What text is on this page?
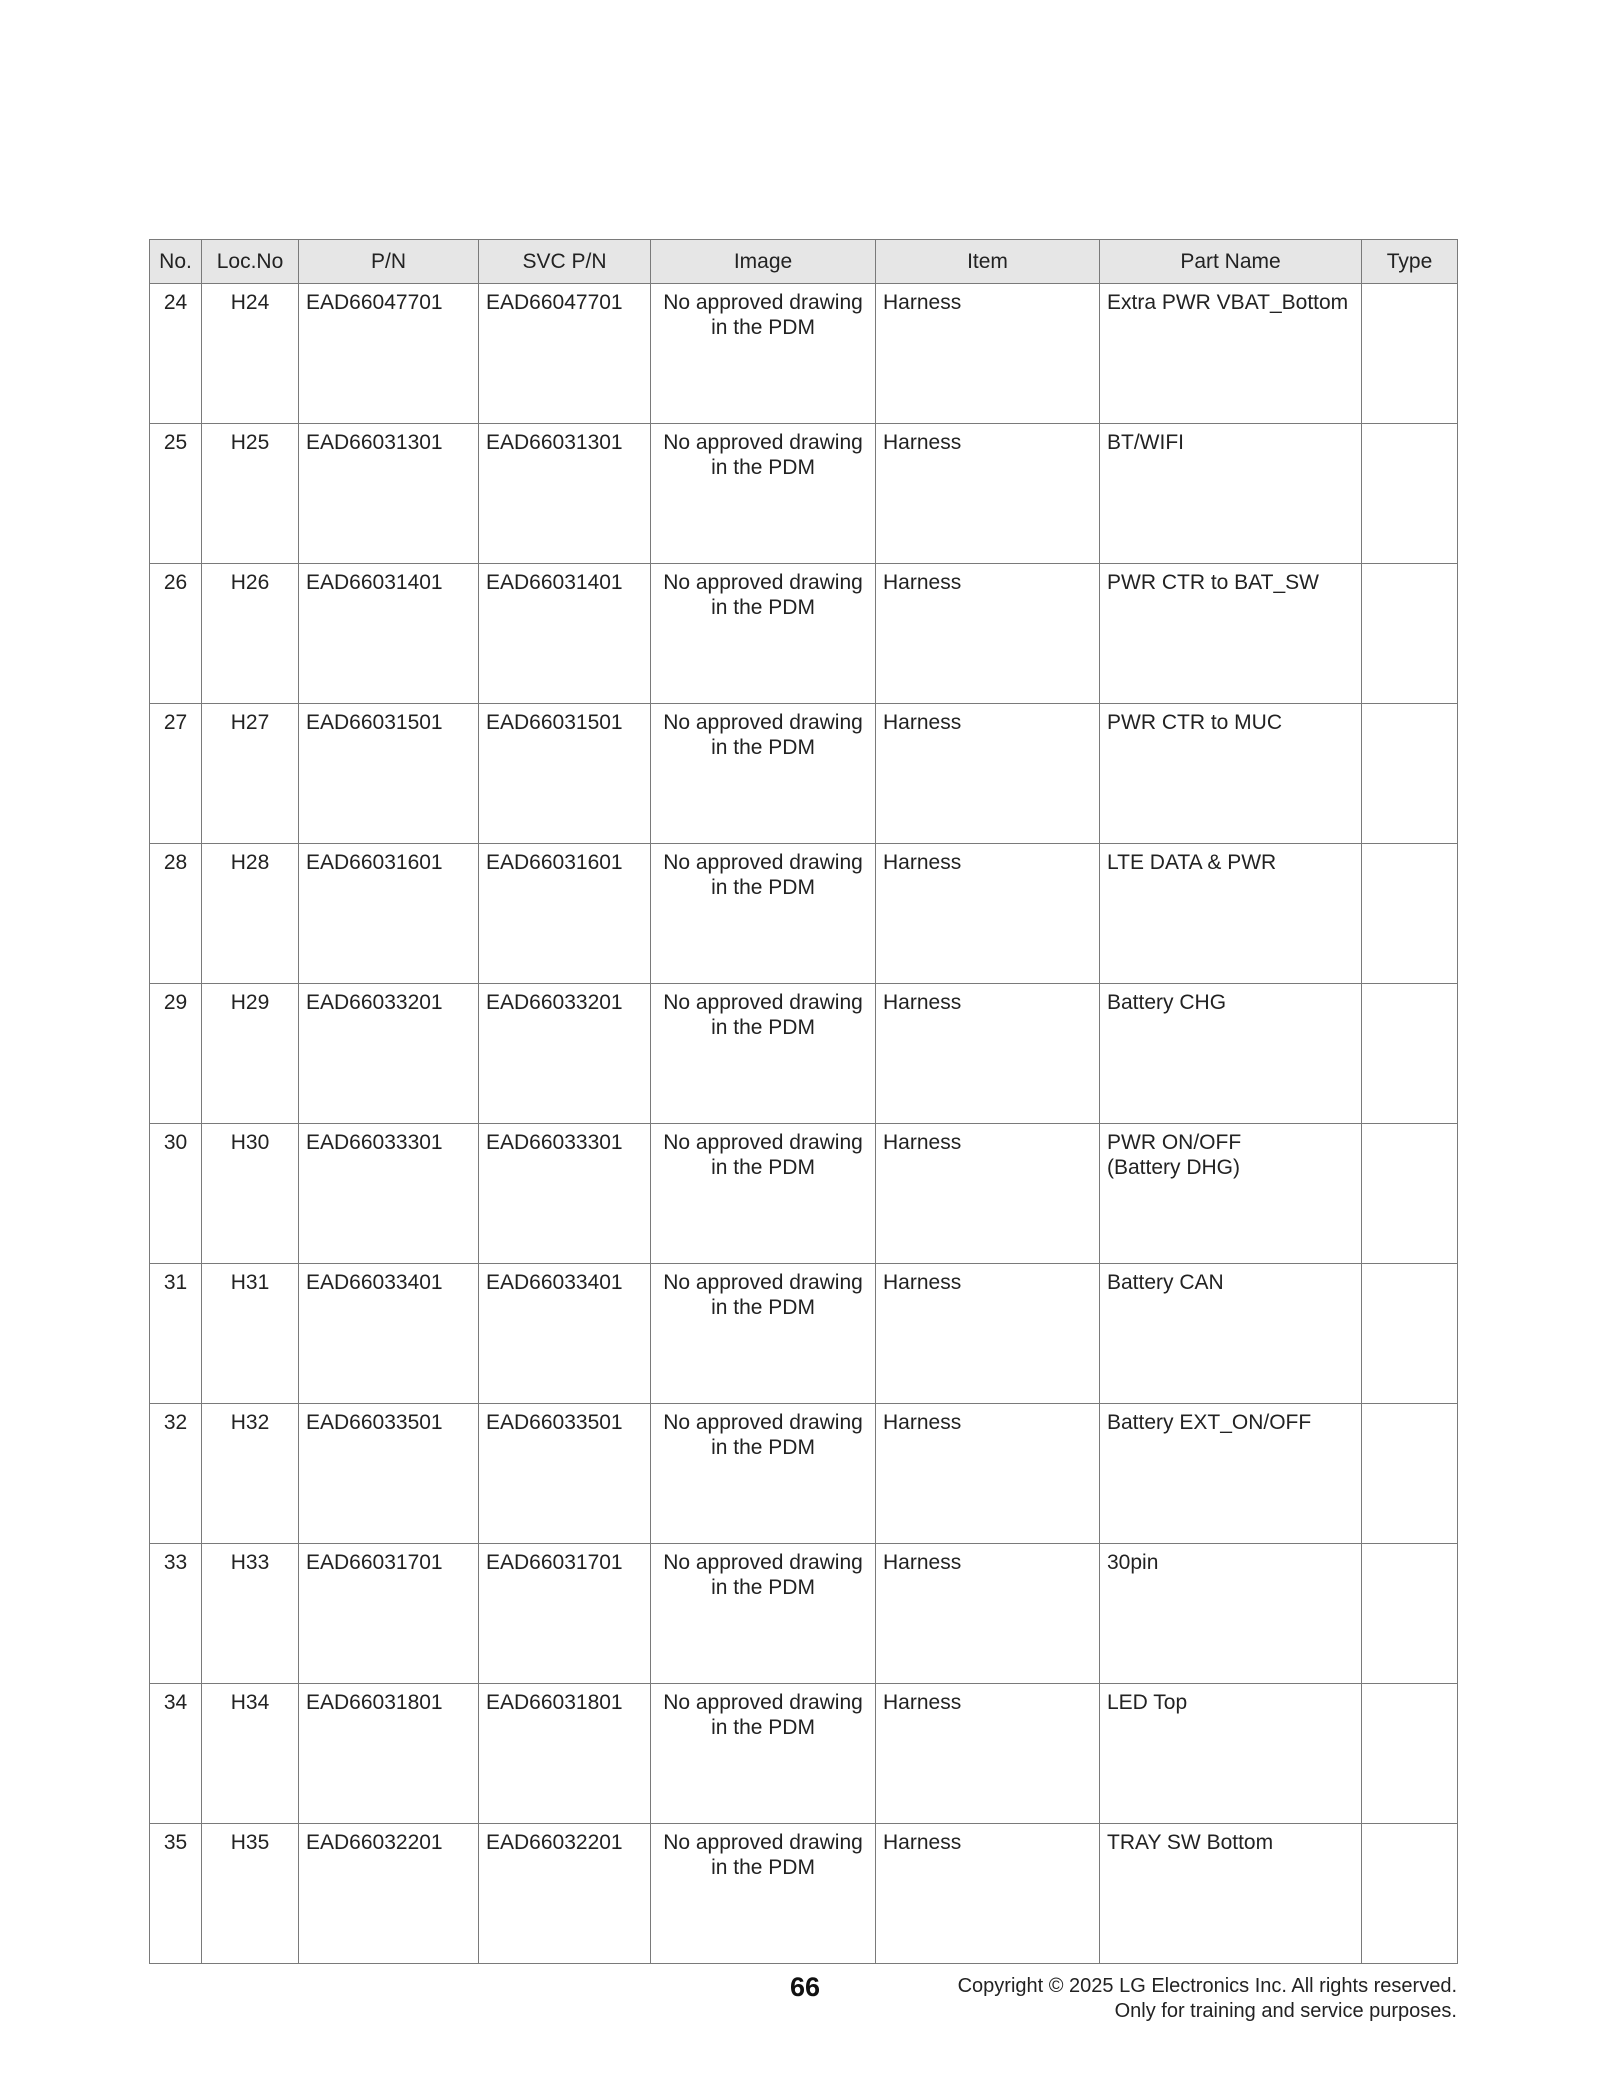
No.	Loc.No	P/N	SVC P/N	Image	Item	Part Name	Type
24	H24	EAD66047701	EAD66047701	No approved drawing
in the PDM	Harness	Extra PWR VBAT_Bottom	

25	H25	EAD66031301	EAD66031301	No approved drawing
in the PDM	Harness	BT/WIFI	

26	H26	EAD66031401	EAD66031401	No approved drawing
in the PDM	Harness	PWR CTR to BAT_SW	

27	H27	EAD66031501	EAD66031501	No approved drawing
in the PDM	Harness	PWR CTR to MUC	

28	H28	EAD66031601	EAD66031601	No approved drawing
in the PDM	Harness	LTE DATA & PWR	

29	H29	EAD66033201	EAD66033201	No approved drawing
in the PDM	Harness	Battery CHG	

30	H30	EAD66033301	EAD66033301	No approved drawing
in the PDM	Harness	PWR ON/OFF
(Battery DHG)	

31	H31	EAD66033401	EAD66033401	No approved drawing
in the PDM	Harness	Battery CAN	

32	H32	EAD66033501	EAD66033501	No approved drawing
in the PDM	Harness	Battery EXT_ON/OFF	

33	H33	EAD66031701	EAD66031701	No approved drawing
in the PDM	Harness	30pin	

34	H34	EAD66031801	EAD66031801	No approved drawing
in the PDM	Harness	LED Top	

35	H35	EAD66032201	EAD66032201	No approved drawing
in the PDM	Harness	TRAY SW Bottom	

66	Copyright © 2025 LG Electronics Inc. All rights reserved.
Only for training and service purposes.
